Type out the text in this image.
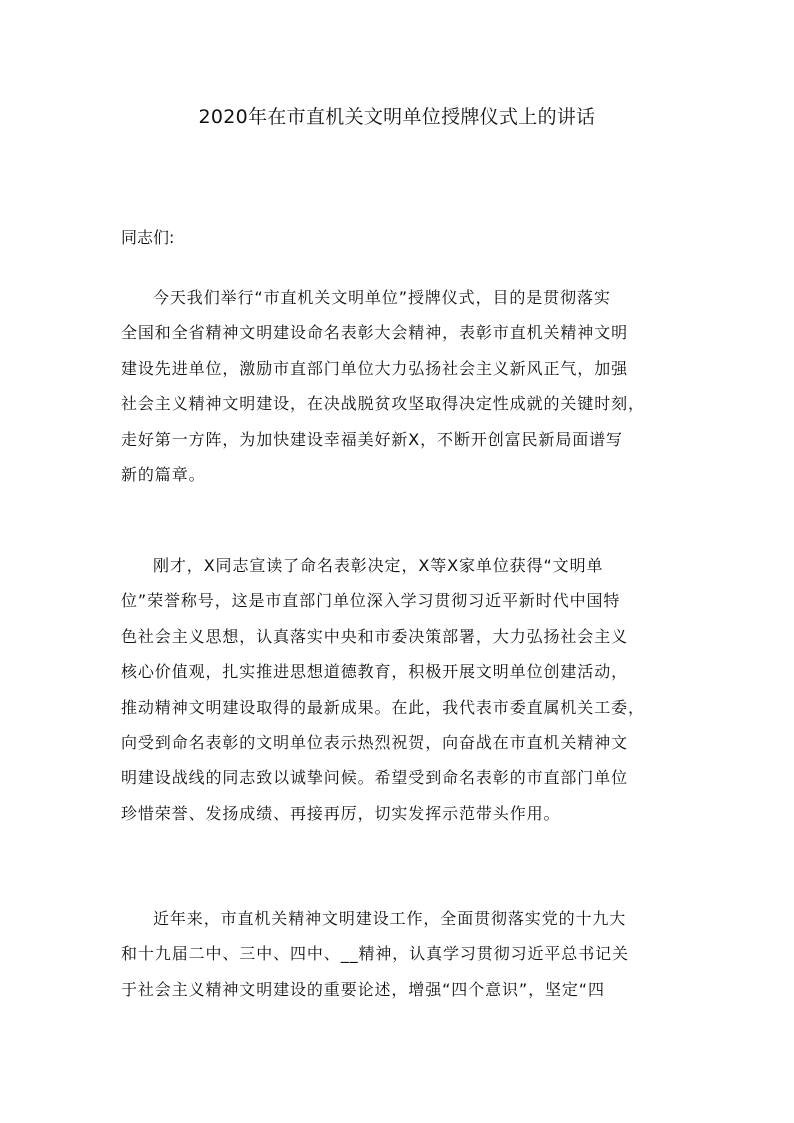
2020年在市直机关文明单位授牌仪式上的讲话
同志们:
今天我们举行“市直机关文明单位”授牌仪式，目的是贯彻落实
全国和全省精神文明建设命名表彰大会精神，表彰市直机关精神文明
建设先进单位，激励市直部门单位大力弘扬社会主义新风正气，加强
社会主义精神文明建设，在决战脱贫攻坚取得决定性成就的关键时刻，
走好第一方阵，为加快建设幸福美好新X，不断开创富民新局面谱写
新的篇章。
刚才，X同志宣读了命名表彰决定，X等X家单位获得“文明单
位”荣誉称号，这是市直部门单位深入学习贯彻习近平新时代中国特
色社会主义思想，认真落实中央和市委决策部署，大力弘扬社会主义
核心价值观，扎实推进思想道德教育，积极开展文明单位创建活动，
推动精神文明建设取得的最新成果。在此，我代表市委直属机关工委，
向受到命名表彰的文明单位表示热烈祝贺，向奋战在市直机关精神文
明建设战线的同志致以诚挚问候。希望受到命名表彰的市直部门单位
珍惜荣誉、发扬成绩、再接再厉，切实发挥示范带头作用。
近年来，市直机关精神文明建设工作，全面贯彻落实党的十九大
和十九届二中、三中、四中、__精神，认真学习贯彻习近平总书记关
于社会主义精神文明建设的重要论述，增强“四个意识”，坚定“四
